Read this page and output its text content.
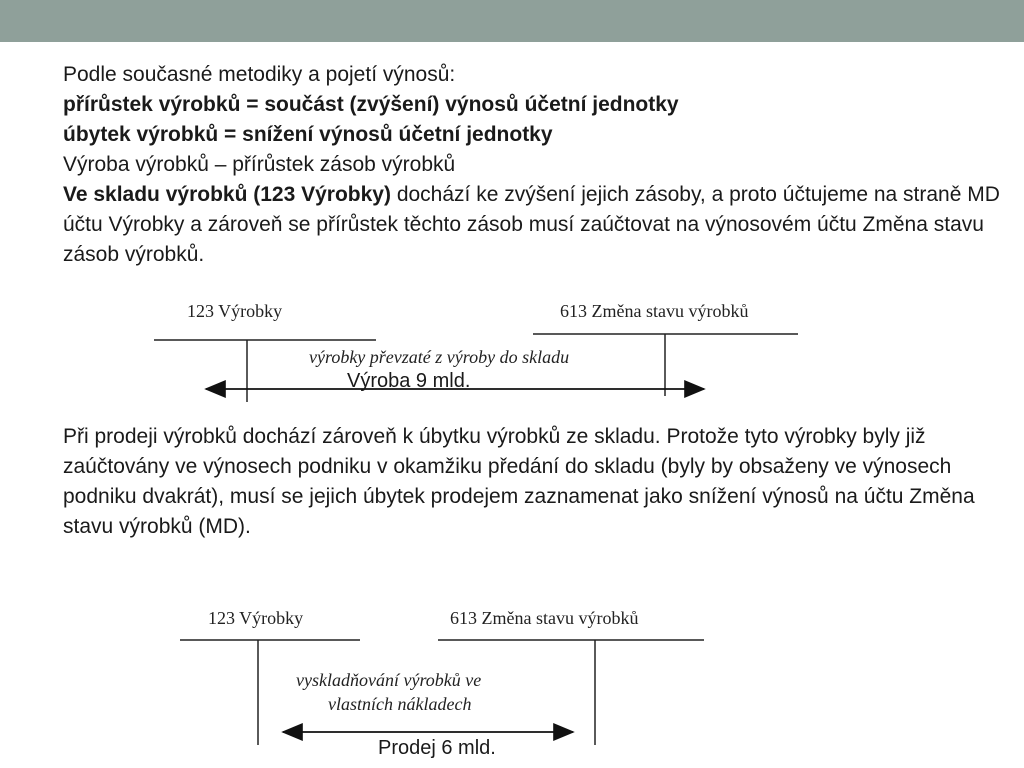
Podle současné metodiky a pojetí výnosů:

přírůstek výrobků = součást (zvýšení) výnosů účetní jednotky

úbytek výrobků = snížení výnosů účetní jednotky

Výroba výrobků – přírůstek zásob výrobků

Ve skladu výrobků (123 Výrobky) dochází ke zvýšení jejich zásoby, a proto účtujeme na straně MD účtu Výrobky a zároveň se přírůstek těchto zásob musí zaúčtovat na výnosovém účtu Změna stavu zásob výrobků.

123 Výrobky	613 Změna stavu výrobků
výrobky převzaté z výroby do skladu
Výroba 9 mld.

Při prodeji výrobků dochází zároveň k úbytku výrobků ze skladu. Protože tyto výrobky byly již zaúčtovány ve výnosech podniku v okamžiku předání do skladu (byly by obsaženy ve výnosech podniku dvakrát), musí se jejich úbytek prodejem zaznamenat jako snížení výnosů na účtu Změna stavu výrobků (MD).

123 Výrobky	613 Změna stavu výrobků
vyskladňování výrobků ve
vlastních nákladech
Prodej 6 mld.
